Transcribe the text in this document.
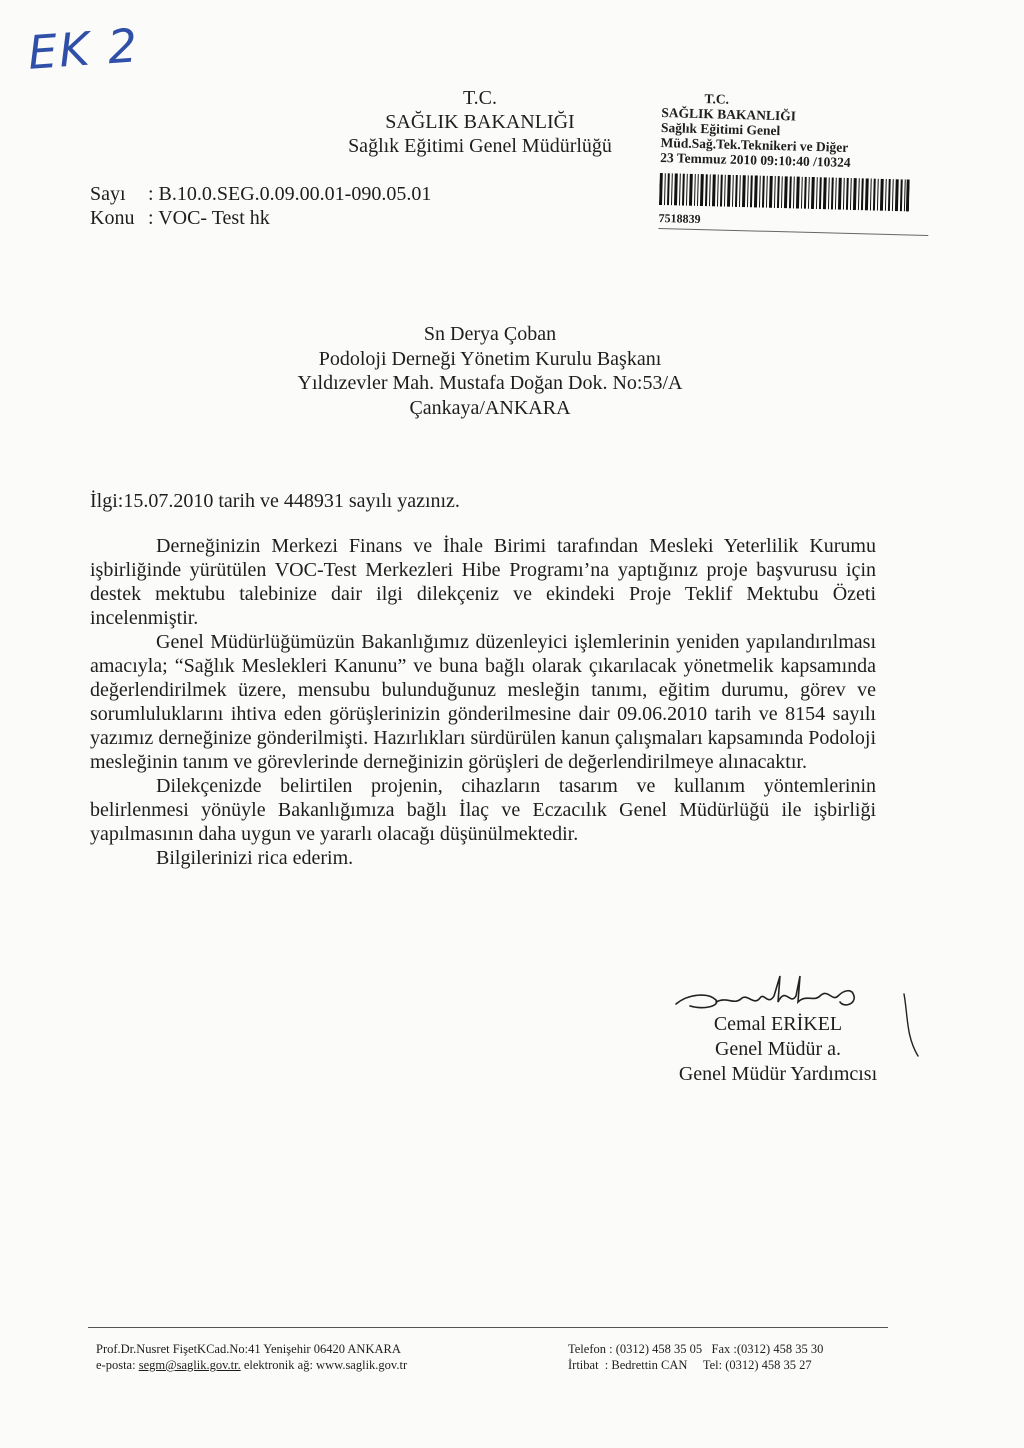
EK 2
T.C.
SAĞLIK BAKANLIĞI
Sağlık Eğitimi Genel Müdürlüğü
T.C.
SAĞLIK BAKANLIĞI
Sağlık Eğitimi Genel
Müd.Sağ.Tek.Teknikeri ve Diğer
23 Temmuz 2010 09:10:40 /10324
7518839
Sayı : B.10.0.SEG.0.09.00.01-090.05.01
Konu : VOC- Test hk
Sn Derya Çoban
Podoloji Derneği Yönetim Kurulu Başkanı
Yıldızevler Mah. Mustafa Doğan Dok. No:53/A
Çankaya/ANKARA
İlgi:15.07.2010 tarih ve 448931 sayılı yazınız.

Derneğinizin Merkezi Finans ve İhale Birimi tarafından Mesleki Yeterlilik Kurumu işbirliğinde yürütülen VOC-Test Merkezleri Hibe Programı’na yaptığınız proje başvurusu için destek mektubu talebinize dair ilgi dilekçeniz ve ekindeki Proje Teklif Mektubu Özeti incelenmiştir.

Genel Müdürlüğümüzün Bakanlığımız düzenleyici işlemlerinin yeniden yapılandırılması amacıyla; “Sağlık Meslekleri Kanunu” ve buna bağlı olarak çıkarılacak yönetmelik kapsamında değerlendirilmek üzere, mensubu bulunduğunuz mesleğin tanımı, eğitim durumu, görev ve sorumluluklarını ihtiva eden görüşlerinizin gönderilmesine dair 09.06.2010 tarih ve 8154 sayılı yazımız derneğinize gönderilmişti. Hazırlıkları sürdürülen kanun çalışmaları kapsamında Podoloji mesleğinin tanım ve görevlerinde derneğinizin görüşleri de değerlendirilmeye alınacaktır.

Dilekçenizde belirtilen projenin, cihazların tasarım ve kullanım yöntemlerinin belirlenmesi yönüyle Bakanlığımıza bağlı İlaç ve Eczacılık Genel Müdürlüğü ile işbirliği yapılmasının daha uygun ve yararlı olacağı düşünülmektedir.

Bilgilerinizi rica ederim.

Cemal ERİKEL
Genel Müdür a.
Genel Müdür Yardımcısı
Prof.Dr.Nusret FişetKCad.No:41 Yenişehir 06420 ANKARA
e-posta: segm@saglik.gov.tr. elektronik ağ: www.saglik.gov.tr
Telefon : (0312) 458 35 05   Fax :(0312) 458 35 30
İrtibat  : Bedrettin CAN     Tel: (0312) 458 35 27
